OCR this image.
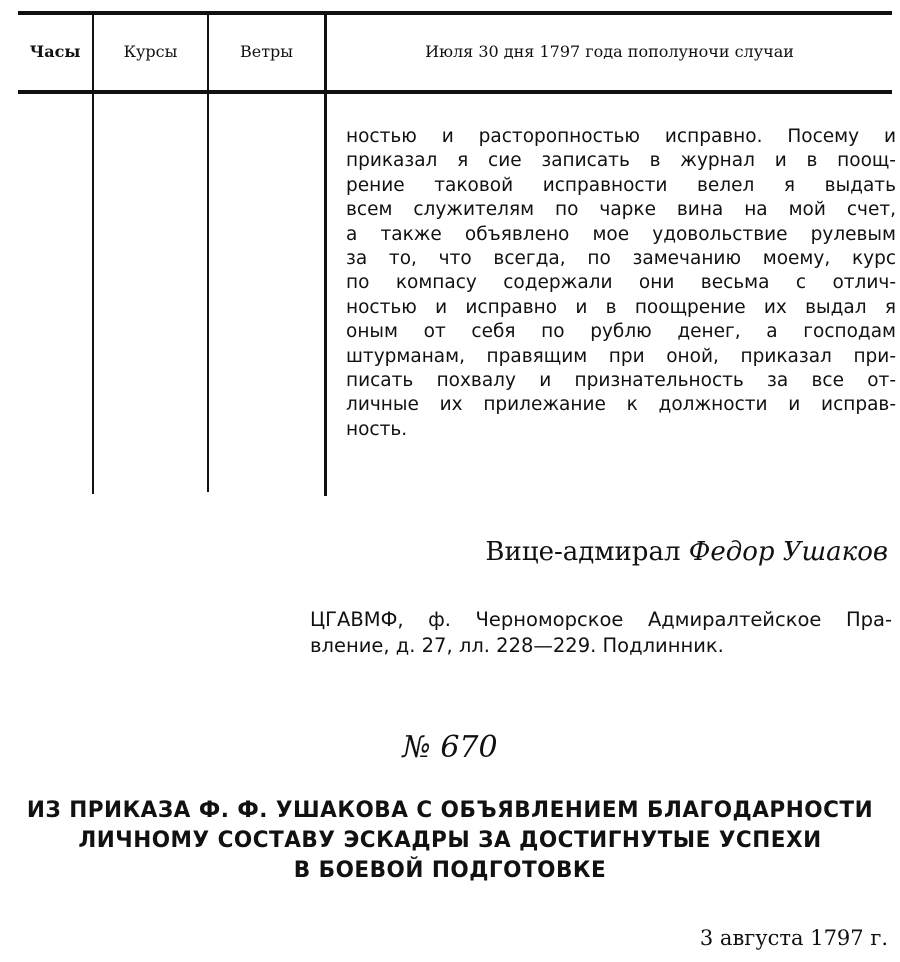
Часы	Курсы	Ветры	Июля 30 дня 1797 года пополуночи случаи
ностью и расторопностью исправно. Посему и
приказал я сие записать в журнал и в поощ-
рение таковой исправности велел я выдать
всем служителям по чарке вина на мой счет,
а также объявлено мое удовольствие рулевым
за то, что всегда, по замечанию моему, курс
по компасу содержали они весьма с отлич-
ностью и исправно и в поощрение их выдал я
оным от себя по рублю денег, а господам
штурманам, правящим при оной, приказал при-
писать похвалу и признательность за все от-
личные их прилежание к должности и исправ-
ность.
Вице-адмирал Федор Ушаков
ЦГАВМФ, ф. Черноморское Адмиралтейское Пра-
вление, д. 27, лл. 228—229. Подлинник.
№ 670
ИЗ ПРИКАЗА Ф. Ф. УШАКОВА С ОБЪЯВЛЕНИЕМ БЛАГОДАРНОСТИ
ЛИЧНОМУ СОСТАВУ ЭСКАДРЫ ЗА ДОСТИГНУТЫЕ УСПЕХИ
В БОЕВОЙ ПОДГОТОВКЕ
3 августа 1797 г.
